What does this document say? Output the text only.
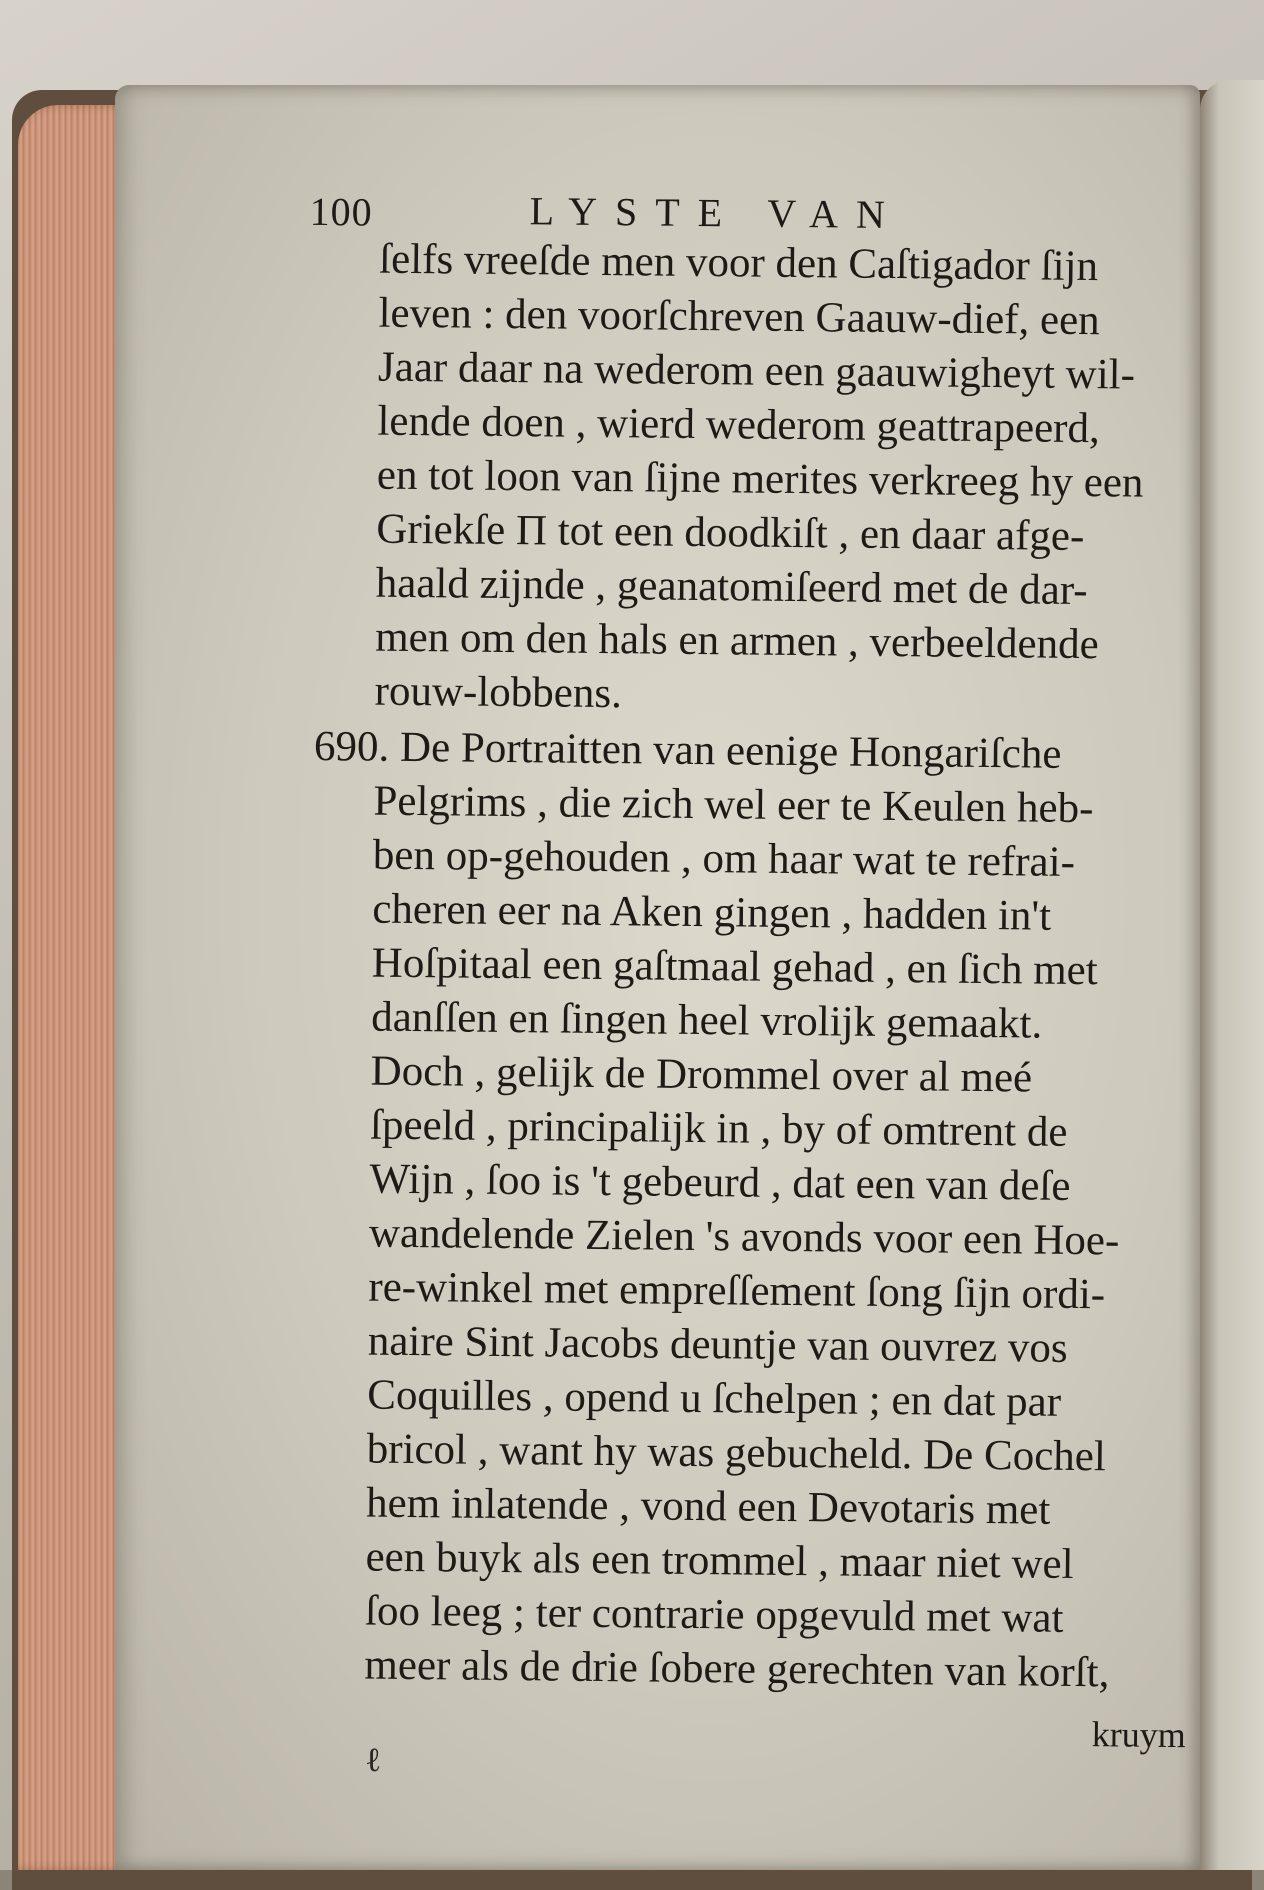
100	LYSTE VAN
ſelfs vreeſde men voor den Caſtigador ſijn
leven : den voorſchreven Gaauw-dief, een
Jaar daar na wederom een gaauwigheyt wil-
lende doen , wierd wederom geattrapeerd,
en tot loon van ſijne merites verkreeg hy een
Griekſe Π tot een doodkiſt , en daar afge-
haald zijnde , geanatomiſeerd met de dar-
men om den hals en armen , verbeeldende
rouw-lobbens.
690. De Portraitten van eenige Hongariſche
Pelgrims , die zich wel eer te Keulen heb-
ben op-gehouden , om haar wat te refrai-
cheren eer na Aken gingen , hadden in't
Hoſpitaal een gaſtmaal gehad , en ſich met
danſſen en ſingen heel vrolijk gemaakt.
Doch , gelijk de Drommel over al meé
ſpeeld , principalijk in , by of omtrent de
Wijn , ſoo is 't gebeurd , dat een van deſe
wandelende Zielen 's avonds voor een Hoe-
re-winkel met empreſſement ſong ſijn ordi-
naire Sint Jacobs deuntje van ouvrez vos
Coquilles , opend u ſchelpen ; en dat par
bricol , want hy was gebucheld. De Cochel
hem inlatende , vond een Devotaris met
een buyk als een trommel , maar niet wel
ſoo leeg ; ter contrarie opgevuld met wat
meer als de drie ſobere gerechten van korſt,
kruym
ℓ
